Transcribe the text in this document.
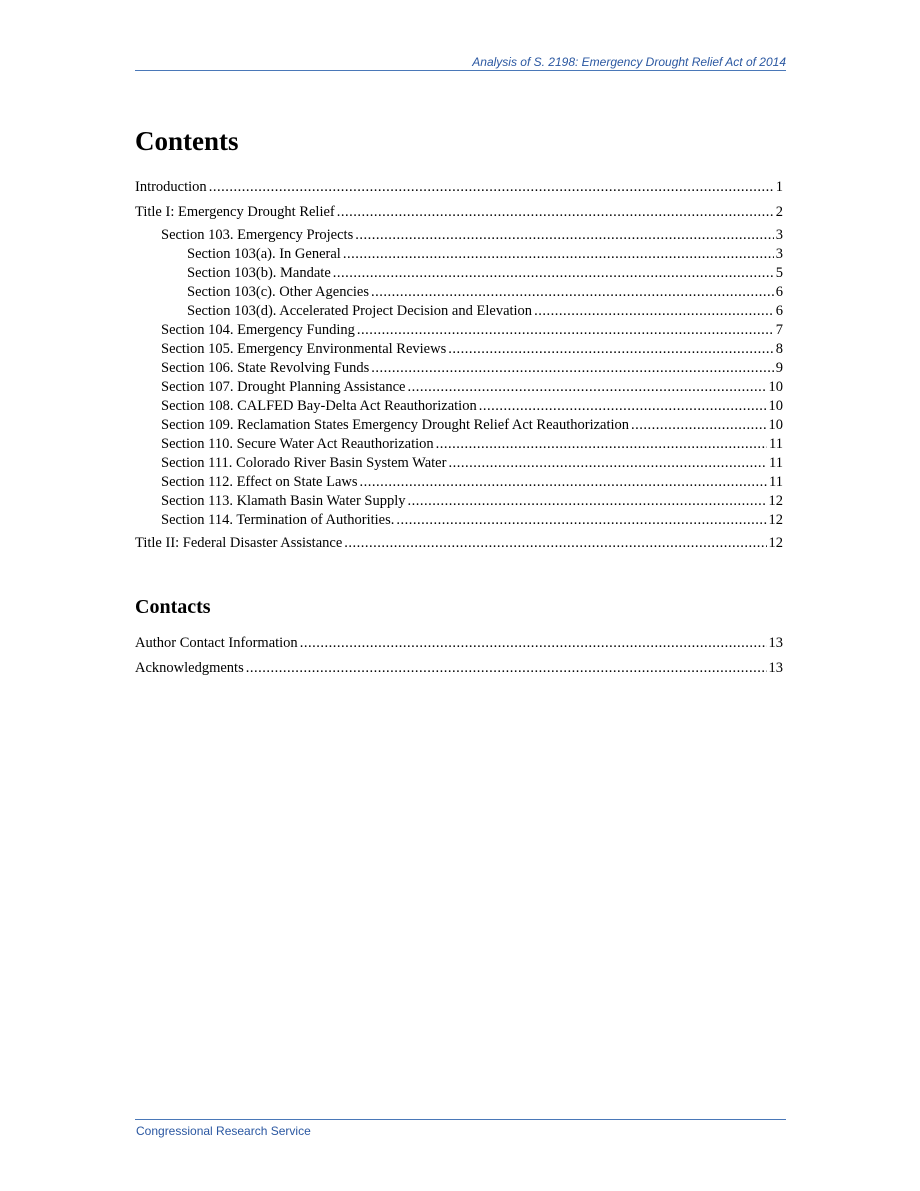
Analysis of S. 2198: Emergency Drought Relief Act of 2014
Contents
Introduction .....	1
Title I: Emergency Drought Relief .....	2
Section 103. Emergency Projects .....	3
Section 103(a). In General .....	3
Section 103(b). Mandate .....	5
Section 103(c). Other Agencies .....	6
Section 103(d). Accelerated Project Decision and Elevation .....	6
Section 104. Emergency Funding .....	7
Section 105. Emergency Environmental Reviews .....	8
Section 106. State Revolving Funds .....	9
Section 107. Drought Planning Assistance .....	10
Section 108. CALFED Bay-Delta Act Reauthorization .....	10
Section 109. Reclamation States Emergency Drought Relief Act Reauthorization .....	10
Section 110. Secure Water Act Reauthorization .....	11
Section 111. Colorado River Basin System Water .....	11
Section 112. Effect on State Laws .....	11
Section 113. Klamath Basin Water Supply .....	12
Section 114. Termination of Authorities. .....	12
Title II: Federal Disaster Assistance .....	12
Contacts
Author Contact Information .....	13
Acknowledgments .....	13
Congressional Research Service
